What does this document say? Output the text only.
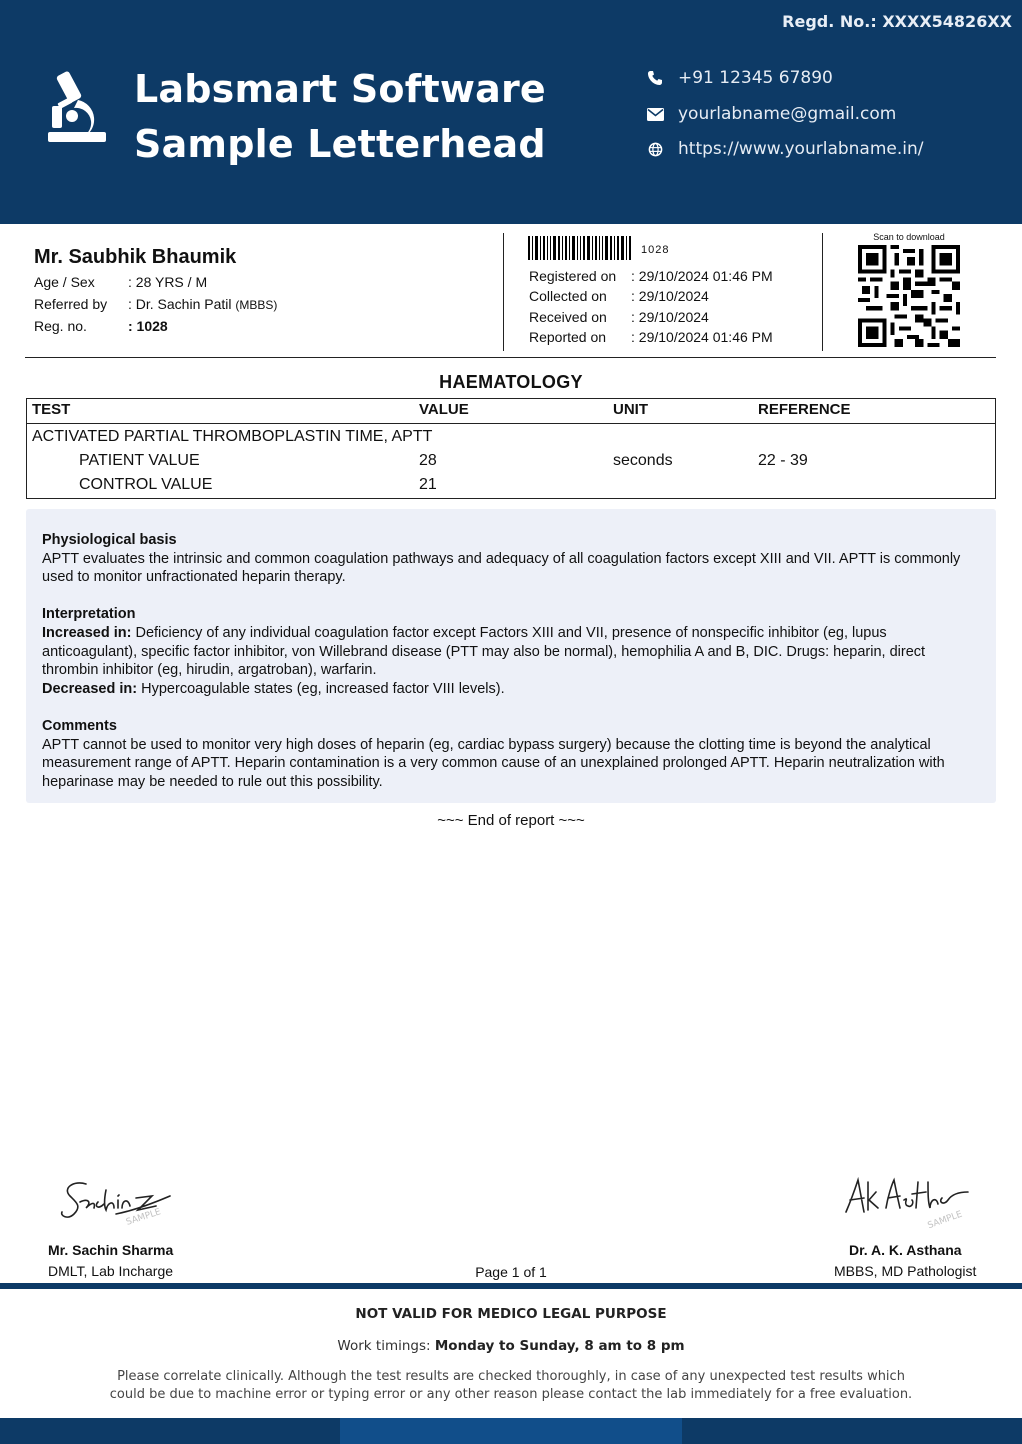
Regd. No.: XXXX54826XX
Labsmart Software
Sample Letterhead
+91 12345 67890
yourlabname@gmail.com
https://www.yourlabname.in/
Mr. Saubhik Bhaumik
Age / Sex : 28 YRS / M
Referred by : Dr. Sachin Patil (MBBS)
Reg. no.	: 1028
1028
Registered on : 29/10/2024 01:46 PM
Collected on : 29/10/2024
Received on : 29/10/2024
Reported on : 29/10/2024 01:46 PM
Scan to download
HAEMATOLOGY
TEST	VALUE	UNIT	REFERENCE
ACTIVATED PARTIAL THROMBOPLASTIN TIME, APTT
PATIENT VALUE	28	seconds	22 - 39
CONTROL VALUE	21
Physiological basis
APTT evaluates the intrinsic and common coagulation pathways and adequacy of all coagulation factors except XIII and VII. APTT is commonly used to monitor unfractionated heparin therapy.
Interpretation
Increased in: Deficiency of any individual coagulation factor except Factors XIII and VII, presence of nonspecific inhibitor (eg, lupus anticoagulant), specific factor inhibitor, von Willebrand disease (PTT may also be normal), hemophilia A and B, DIC. Drugs: heparin, direct thrombin inhibitor (eg, hirudin, argatroban), warfarin.
Decreased in: Hypercoagulable states (eg, increased factor VIII levels).
Comments
APTT cannot be used to monitor very high doses of heparin (eg, cardiac bypass surgery) because the clotting time is beyond the analytical measurement range of APTT. Heparin contamination is a very common cause of an unexplained prolonged APTT. Heparin neutralization with heparinase may be needed to rule out this possibility.
~~~ End of report ~~~
SAMPLE
Mr. Sachin Sharma
DMLT, Lab Incharge
SAMPLE
Dr. A. K. Asthana
MBBS, MD Pathologist
Page 1 of 1
NOT VALID FOR MEDICO LEGAL PURPOSE
Work timings: Monday to Sunday, 8 am to 8 pm
Please correlate clinically. Although the test results are checked thoroughly, in case of any unexpected test results which
could be due to machine error or typing error or any other reason please contact the lab immediately for a free evaluation.
